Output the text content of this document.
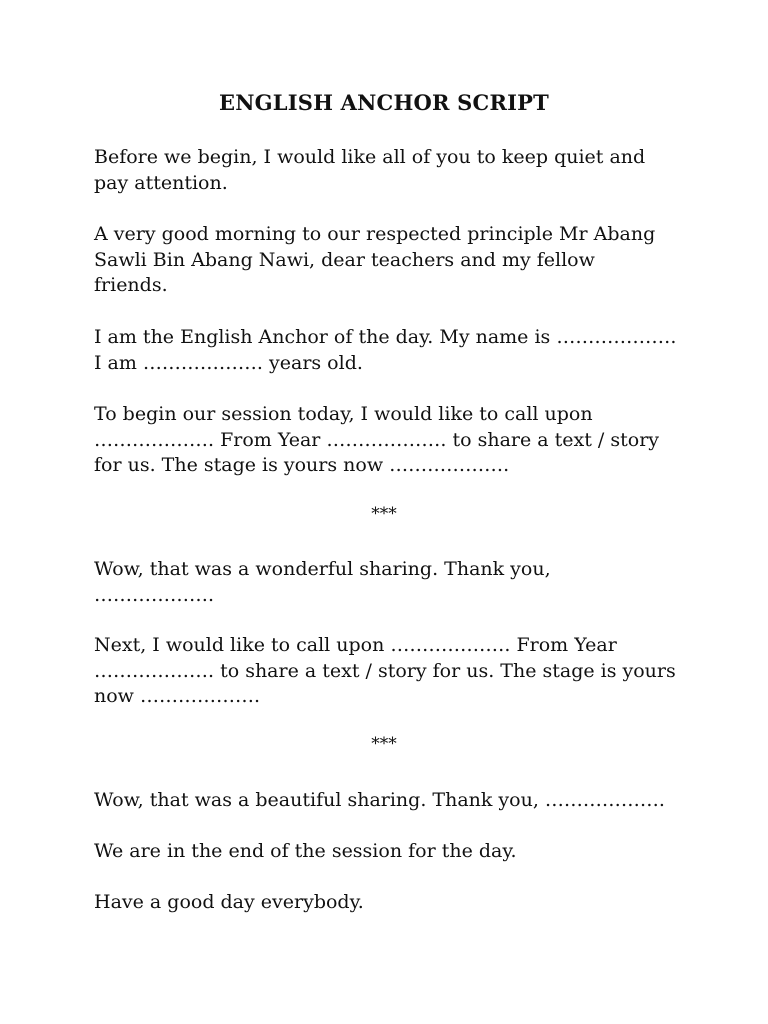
ENGLISH ANCHOR SCRIPT
Before we begin, I would like all of you to keep quiet and
pay attention.
A very good morning to our respected principle Mr Abang
Sawli Bin Abang Nawi, dear teachers and my fellow
friends.
I am the English Anchor of the day. My name is ……………….
I am ………………. years old.
To begin our session today, I would like to call upon
………………. From Year ………………. to share a text / story
for us. The stage is yours now ……………….
***
Wow, that was a wonderful sharing. Thank you,
……………….
Next, I would like to call upon ………………. From Year
………………. to share a text / story for us. The stage is yours
now ……………….
***
Wow, that was a beautiful sharing. Thank you, ……………….
We are in the end of the session for the day.
Have a good day everybody.
